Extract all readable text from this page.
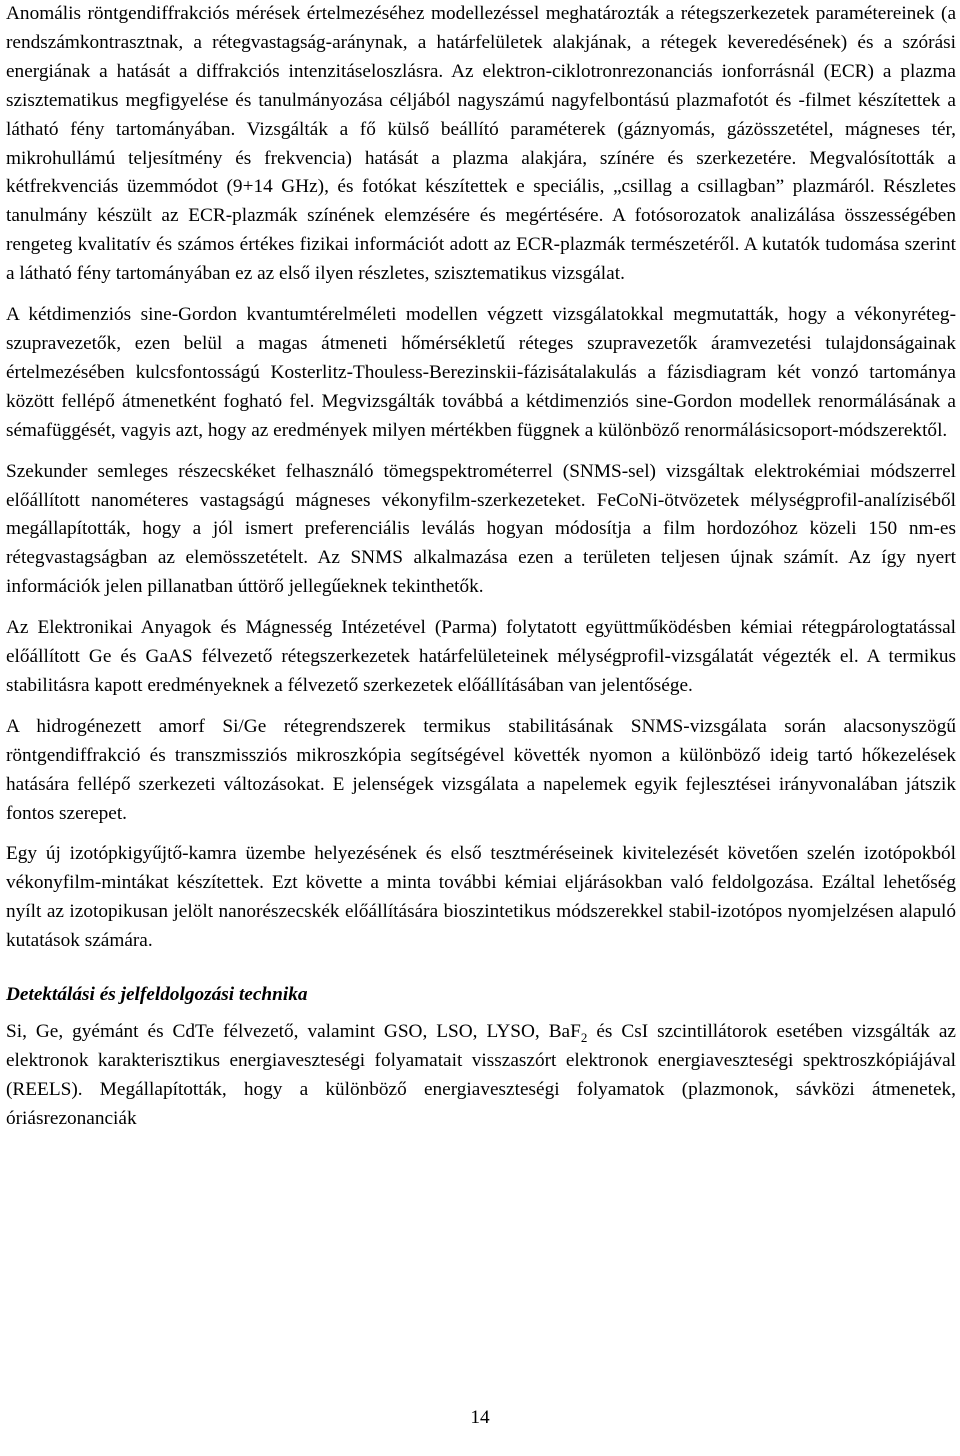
Anomális röntgendiffrakciós mérések értelmezéséhez modellezéssel meghatározták a rétegszerkezetek paramétereinek (a rendszámkontrasztnak, a rétegvastagság-aránynak, a határfelületek alakjának, a rétegek keveredésének) és a szórási energiának a hatását a diffrakciós intenzitáseloszlásra. Az elektron-ciklotronrezonanciás ionforrásnál (ECR) a plazma szisztematikus megfigyelése és tanulmányozása céljából nagyszámú nagyfelbontású plazmafotót és -filmet készítettek a látható fény tartományában. Vizsgálták a fő külső beállító paraméterek (gáznyomás, gázösszetétel, mágneses tér, mikrohullámú teljesítmény és frekvencia) hatását a plazma alakjára, színére és szerkezetére. Megvalósították a kétfrekvenciás üzemmódot (9+14 GHz), és fotókat készítettek e speciális, „csillag a csillagban” plazmáról. Részletes tanulmány készült az ECR-plazmák színének elemzésére és megértésére. A fotósorozatok analizálása összességében rengeteg kvalitatív és számos értékes fizikai információt adott az ECR-plazmák természetéről. A kutatók tudomása szerint a látható fény tartományában ez az első ilyen részletes, szisztematikus vizsgálat.

A kétdimenziós sine-Gordon kvantumtérelméleti modellen végzett vizsgálatokkal megmutatták, hogy a vékonyréteg-szupravezetők, ezen belül a magas átmeneti hőmérsékletű réteges szupravezetők áramvezetési tulajdonságainak értelmezésében kulcsfontosságú Kosterlitz-Thouless-Berezinskii-fázisátalakulás a fázisdiagram két vonzó tartománya között fellépő átmenetként fogható fel. Megvizsgálták továbbá a kétdimenziós sine-Gordon modellek renormálásának a sémafüggését, vagyis azt, hogy az eredmények milyen mértékben függnek a különböző renormálásicsoport-módszerektől.

Szekunder semleges részecskéket felhasználó tömegspektrométerrel (SNMS-sel) vizsgáltak elektrokémiai módszerrel előállított nanométeres vastagságú mágneses vékonyfilm-szerkezeteket. FeCoNi-ötvözetek mélységprofil-analíziséből megállapították, hogy a jól ismert preferenciális leválás hogyan módosítja a film hordozóhoz közeli 150 nm-es rétegvastagságban az elemösszetételt. Az SNMS alkalmazása ezen a területen teljesen újnak számít. Az így nyert információk jelen pillanatban úttörő jellegűeknek tekinthetők.

Az Elektronikai Anyagok és Mágnesség Intézetével (Parma) folytatott együttműködésben kémiai rétegpárologtatással előállított Ge és GaAS félvezető rétegszerkezetek határfelületeinek mélységprofil-vizsgálatát végezték el. A termikus stabilitásra kapott eredményeknek a félvezető szerkezetek előállításában van jelentősége.

A hidrogénezett amorf Si/Ge rétegrendszerek termikus stabilitásának SNMS-vizsgálata során alacsonyszögű röntgendiffrakció és transzmissziós mikroszkópia segítségével követték nyomon a különböző ideig tartó hőkezelések hatására fellépő szerkezeti változásokat. E jelenségek vizsgálata a napelemek egyik fejlesztései irányvonalában játszik fontos szerepet.

Egy új izotópkigyűjtő-kamra üzembe helyezésének és első tesztméréseinek kivitelezését követően szelén izotópokból vékonyfilm-mintákat készítettek. Ezt követte a minta további kémiai eljárásokban való feldolgozása. Ezáltal lehetőség nyílt az izotopikusan jelölt nanorészecskék előállítására bioszintetikus módszerekkel stabil-izotópos nyomjelzésen alapuló kutatások számára.

Detektálási és jelfeldolgozási technika

Si, Ge, gyémánt és CdTe félvezető, valamint GSO, LSO, LYSO, BaF$_2$ és CsI szcintillátorok esetében vizsgálták az elektronok karakterisztikus energiaveszteségi folyamatait visszaszórt elektronok energiaveszteségi spektroszkópiájával (REELS). Megállapították, hogy a különböző energiaveszteségi folyamatok (plazmonok, sávközi átmenetek, óriásrezonanciák

14
